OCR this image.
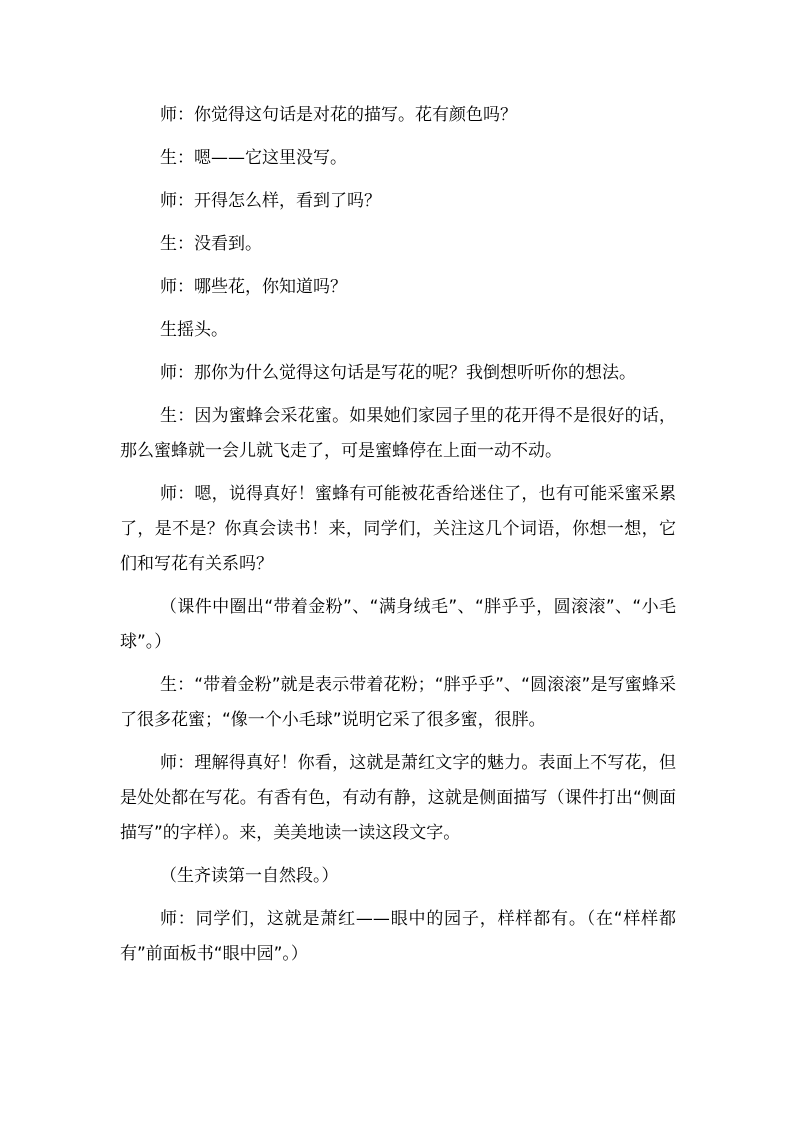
师：你觉得这句话是对花的描写。花有颜色吗？

生：嗯——它这里没写。

师：开得怎么样，看到了吗？

生：没看到。

师：哪些花，你知道吗？

生摇头。

师：那你为什么觉得这句话是写花的呢？我倒想听听你的想法。

生：因为蜜蜂会采花蜜。如果她们家园子里的花开得不是很好的话，那么蜜蜂就一会儿就飞走了，可是蜜蜂停在上面一动不动。

师：嗯，说得真好！蜜蜂有可能被花香给迷住了，也有可能采蜜采累了，是不是？你真会读书！来，同学们，关注这几个词语，你想一想，它们和写花有关系吗？

（课件中圈出“带着金粉”、“满身绒毛”、“胖乎乎，圆滚滚”、“小毛球”。）

生：“带着金粉”就是表示带着花粉；“胖乎乎”、“圆滚滚”是写蜜蜂采了很多花蜜；“像一个小毛球”说明它采了很多蜜，很胖。

师：理解得真好！你看，这就是萧红文字的魅力。表面上不写花，但是处处都在写花。有香有色，有动有静，这就是侧面描写（课件打出“侧面描写”的字样）。来，美美地读一读这段文字。

（生齐读第一自然段。）

师：同学们，这就是萧红——眼中的园子，样样都有。（在“样样都有”前面板书“眼中园”。）
